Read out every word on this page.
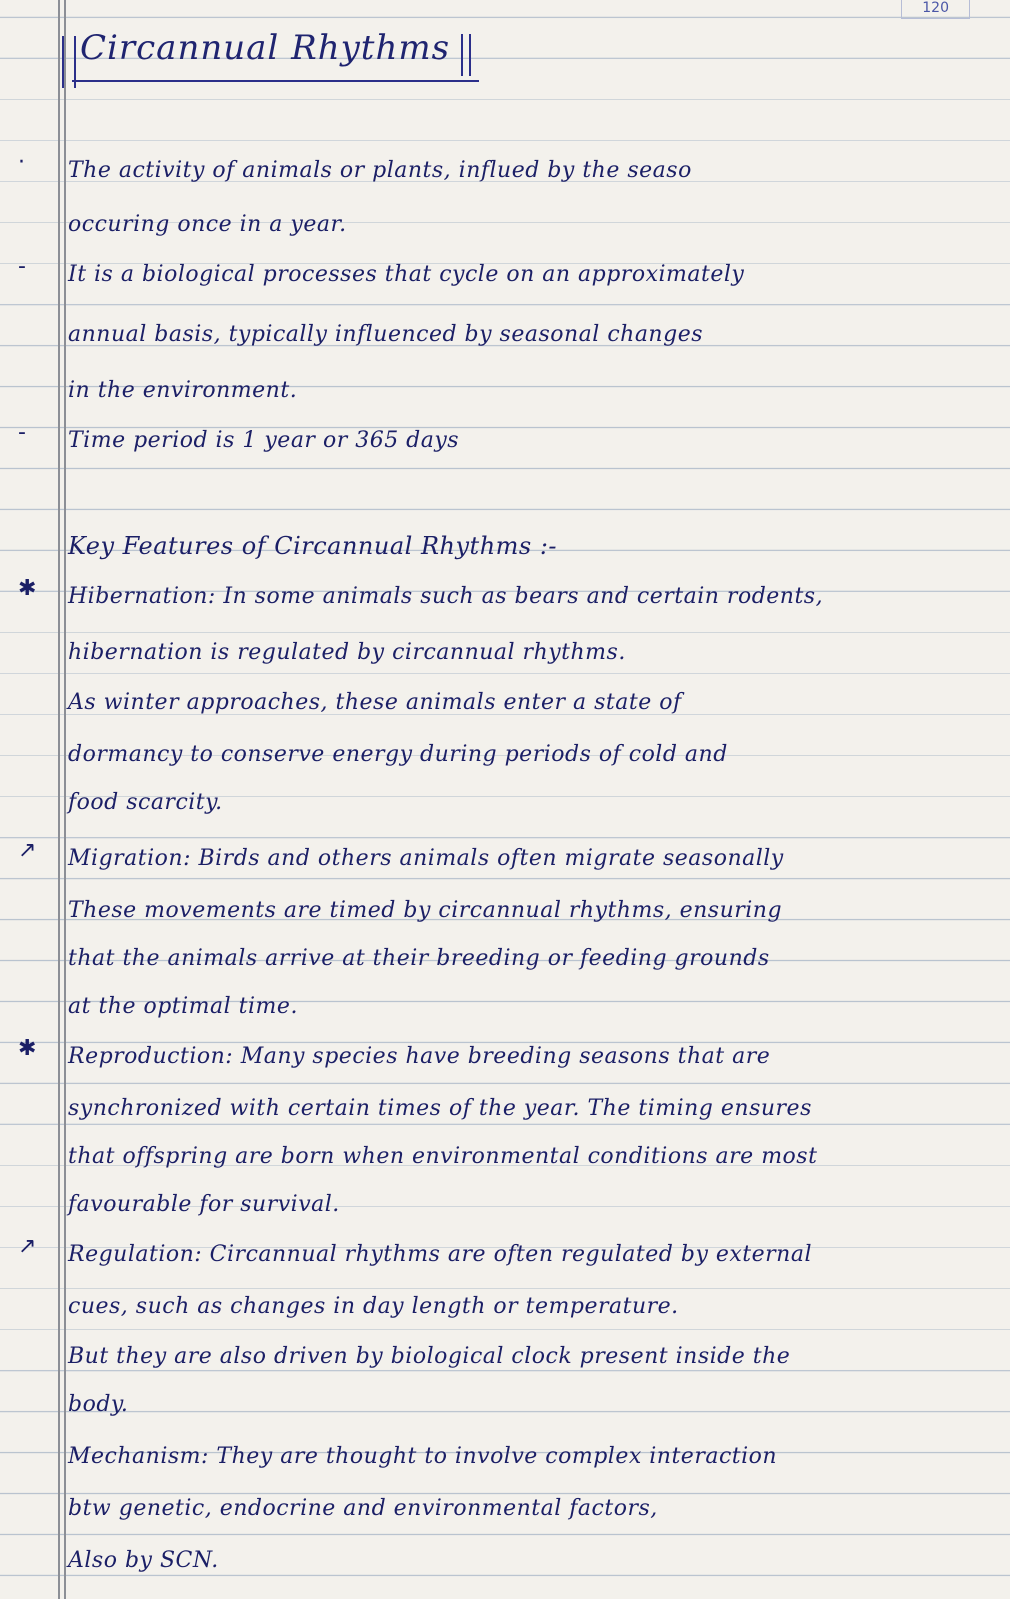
120
Circannual Rhythms
· The activity of animals or plants, influed by the seaso
occuring once in a year.
- It is a biological processes that cycle on an approximately
annual basis, typically influenced by seasonal changes
in the environment.
- Time period is 1 year or 365 days
Key Features of Circannual Rhythms :-
✱ Hibernation: In some animals such as bears and certain rodents,
hibernation is regulated by circannual rhythms.
As winter approaches, these animals enter a state of
dormancy to conserve energy during periods of cold and
food scarcity.
↗ Migration: Birds and others animals often migrate seasonally
These movements are timed by circannual rhythms, ensuring
that the animals arrive at their breeding or feeding grounds
at the optimal time.
✱ Reproduction: Many species have breeding seasons that are
synchronized with certain times of the year. The timing ensures
that offspring are born when environmental conditions are most
favourable for survival.
↗ Regulation: Circannual rhythms are often regulated by external
cues, such as changes in day length or temperature.
But they are also driven by biological clock present inside the
body.
Mechanism: They are thought to involve complex interaction
btw genetic, endocrine and environmental factors,
Also by SCN.
